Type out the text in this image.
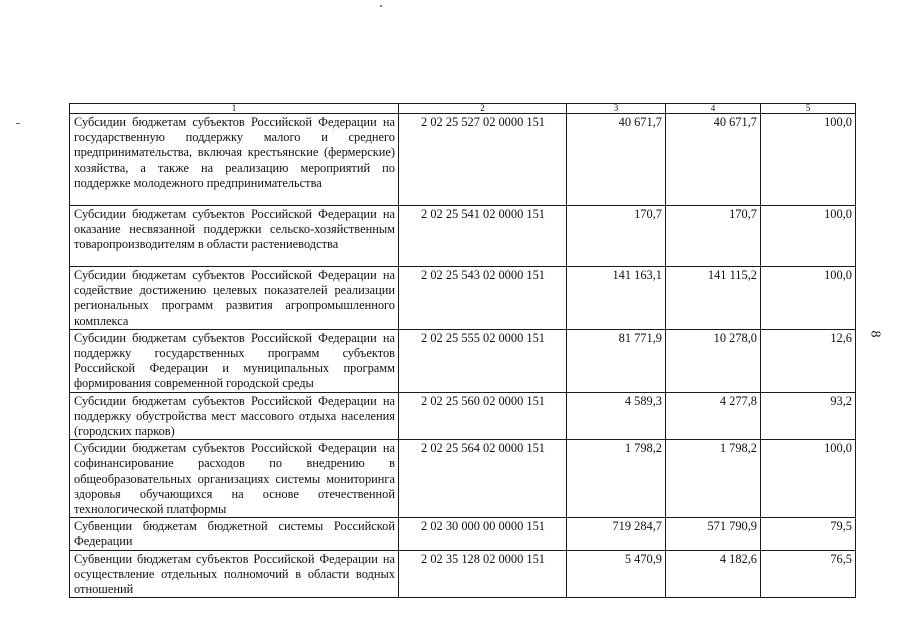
1	2	3	4	5
Субсидии бюджетам субъектов Российской Федерации на государственную поддержку малого и среднего предпринимательства, включая крестьянские (фермерские) хозяйства, а также на реализацию мероприятий по поддержке молодежного предпринимательства	2 02 25 527 02 0000 151	40 671,7	40 671,7	100,0
Субсидии бюджетам субъектов Российской Федерации на оказание несвязанной поддержки сельско-хозяйственным товаропроизводителям в области растениеводства	2 02 25 541 02 0000 151	170,7	170,7	100,0
Субсидии бюджетам субъектов Российской Федерации на содействие достижению целевых показателей реализации региональных программ развития агропромышленного комплекса	2 02 25 543 02 0000 151	141 163,1	141 115,2	100,0
Субсидии бюджетам субъектов Российской Федерации на поддержку государственных программ субъектов Российской Федерации и муниципальных программ формирования современной городской среды	2 02 25 555 02 0000 151	81 771,9	10 278,0	12,6
Субсидии бюджетам субъектов Российской Федерации на поддержку обустройства мест массового отдыха населения (городских парков)	2 02 25 560 02 0000 151	4 589,3	4 277,8	93,2
Субсидии бюджетам субъектов Российской Федерации на софинансирование расходов по внедрению в общеобразовательных организациях системы мониторинга здоровья обучающихся на основе отечественной технологической платформы	2 02 25 564 02 0000 151	1 798,2	1 798,2	100,0
Субвенции бюджетам бюджетной системы Российской Федерации	2 02 30 000 00 0000 151	719 284,7	571 790,9	79,5
Субвенции бюджетам субъектов Российской Федерации на осуществление отдельных полномочий в области водных отношений	2 02 35 128 02 0000 151	5 470,9	4 182,6	76,5
8
